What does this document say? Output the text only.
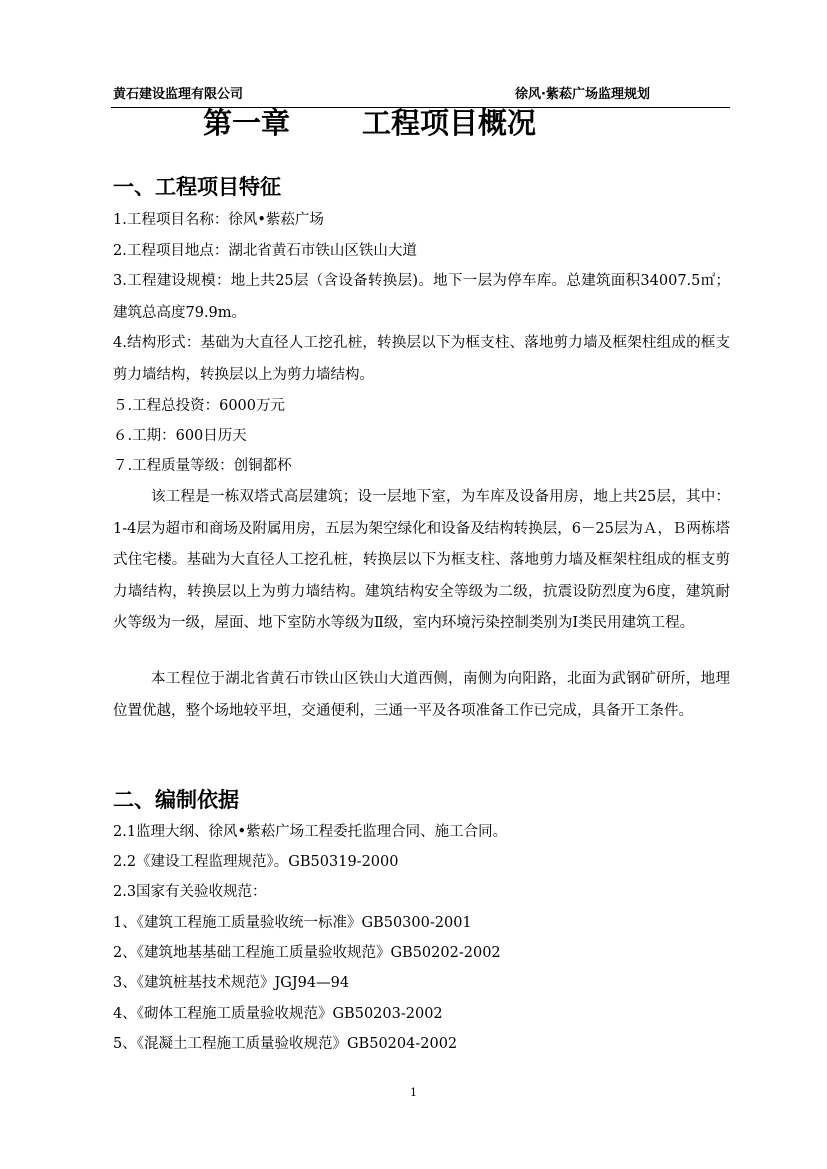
黄石建设监理有限公司	徐风·紫菘广场监理规划
第一章 工程项目概况
一、工程项目特征
1.工程项目名称：徐风•紫菘广场
2.工程项目地点：湖北省黄石市铁山区铁山大道
3.工程建设规模：地上共25层（含设备转换层)。地下一层为停车库。总建筑面积34007.5㎡；建筑总高度79.9m。
4.结构形式：基础为大直径人工挖孔桩，转换层以下为框支柱、落地剪力墙及框架柱组成的框支剪力墙结构，转换层以上为剪力墙结构。
５.工程总投资：6000万元
６.工期：600日历天
７.工程质量等级：创铜都杯
该工程是一栋双塔式高层建筑；设一层地下室，为车库及设备用房，地上共25层，其中：1-4层为超市和商场及附属用房，五层为架空绿化和设备及结构转换层，6－25层为Ａ，Ｂ两栋塔式住宅楼。基础为大直径人工挖孔桩，转换层以下为框支柱、落地剪力墙及框架柱组成的框支剪力墙结构，转换层以上为剪力墙结构。建筑结构安全等级为二级，抗震设防烈度为6度，建筑耐火等级为一级，屋面、地下室防水等级为Ⅱ级，室内环境污染控制类别为Ⅰ类民用建筑工程。
本工程位于湖北省黄石市铁山区铁山大道西侧，南侧为向阳路，北面为武钢矿研所，地理位置优越，整个场地较平坦，交通便利，三通一平及各项准备工作已完成，具备开工条件。
二、编制依据
2.1监理大纲、徐风•紫菘广场工程委托监理合同、施工合同。
2.2《建设工程监理规范》。GB50319-2000
2.3国家有关验收规范：
1、《建筑工程施工质量验收统一标准》GB50300-2001
2、《建筑地基基础工程施工质量验收规范》GB50202-2002
3、《建筑桩基技术规范》JGJ94—94
4、《砌体工程施工质量验收规范》GB50203-2002
5、《混凝土工程施工质量验收规范》GB50204-2002
1
